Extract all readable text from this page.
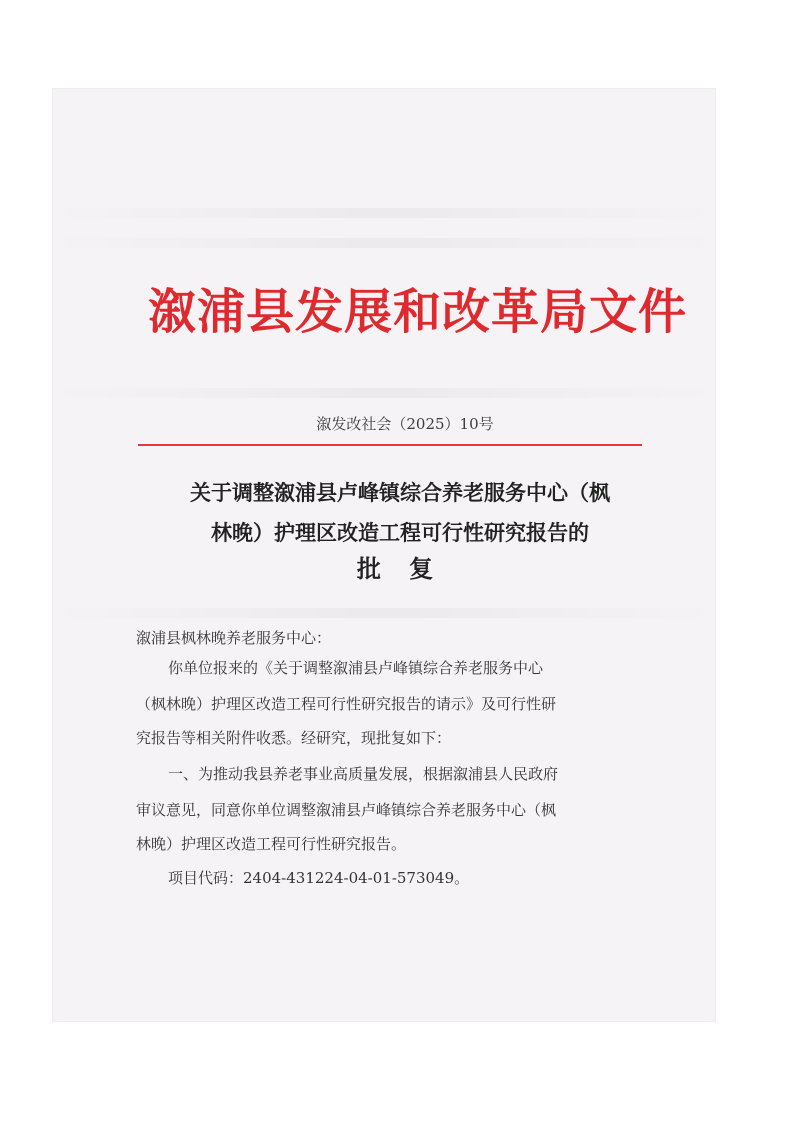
溆浦县发展和改革局文件
溆发改社会（2025）10号
关于调整溆浦县卢峰镇综合养老服务中心（枫
林晚）护理区改造工程可行性研究报告的
批 复
溆浦县枫林晚养老服务中心：
你单位报来的《关于调整溆浦县卢峰镇综合养老服务中心
（枫林晚）护理区改造工程可行性研究报告的请示》及可行性研
究报告等相关附件收悉。经研究，现批复如下：
一、为推动我县养老事业高质量发展，根据溆浦县人民政府
审议意见，同意你单位调整溆浦县卢峰镇综合养老服务中心（枫
林晚）护理区改造工程可行性研究报告。
项目代码：2404-431224-04-01-573049。
